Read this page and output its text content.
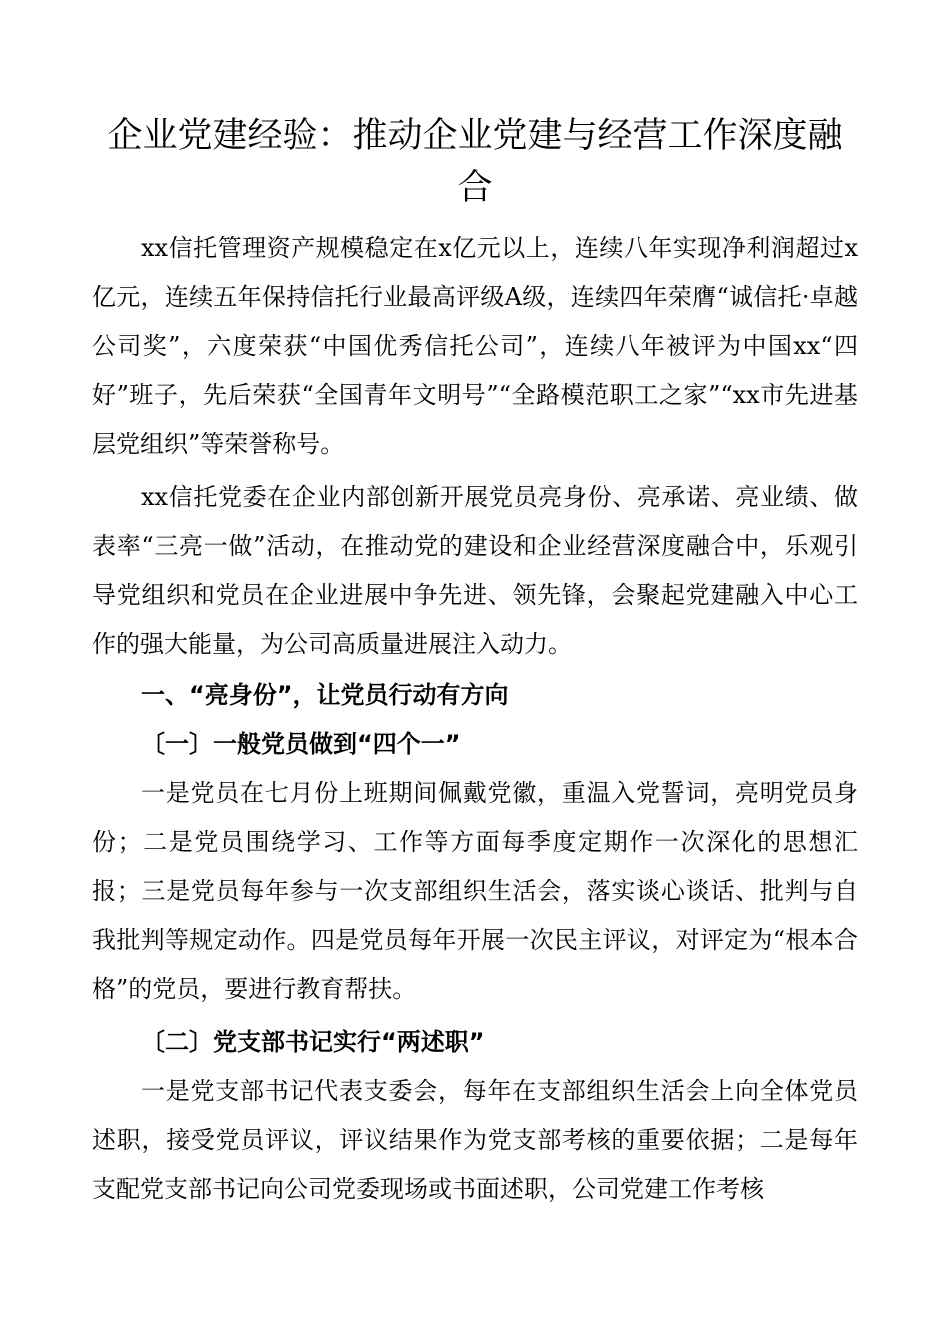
企业党建经验：推动企业党建与经营工作深度融合

xx信托管理资产规模稳定在x亿元以上，连续八年实现净利润超过x亿元，连续五年保持信托行业最高评级A级，连续四年荣膺“诚信托·卓越公司奖”，六度荣获“中国优秀信托公司”，连续八年被评为中国xx“四好”班子，先后荣获“全国青年文明号”“全路模范职工之家”“xx市先进基层党组织”等荣誉称号。

xx信托党委在企业内部创新开展党员亮身份、亮承诺、亮业绩、做表率“三亮一做”活动，在推动党的建设和企业经营深度融合中，乐观引导党组织和党员在企业进展中争先进、领先锋，会聚起党建融入中心工作的强大能量，为公司高质量进展注入动力。

一、“亮身份”，让党员行动有方向
〔一〕一般党员做到“四个一”

一是党员在七月份上班期间佩戴党徽，重温入党誓词，亮明党员身份；二是党员围绕学习、工作等方面每季度定期作一次深化的思想汇报；三是党员每年参与一次支部组织生活会，落实谈心谈话、批判与自我批判等规定动作。四是党员每年开展一次民主评议，对评定为“根本合格”的党员，要进行教育帮扶。

〔二〕党支部书记实行“两述职”

一是党支部书记代表支委会，每年在支部组织生活会上向全体党员述职，接受党员评议，评议结果作为党支部考核的重要依据；二是每年支配党支部书记向公司党委现场或书面述职，公司党建工作考核
